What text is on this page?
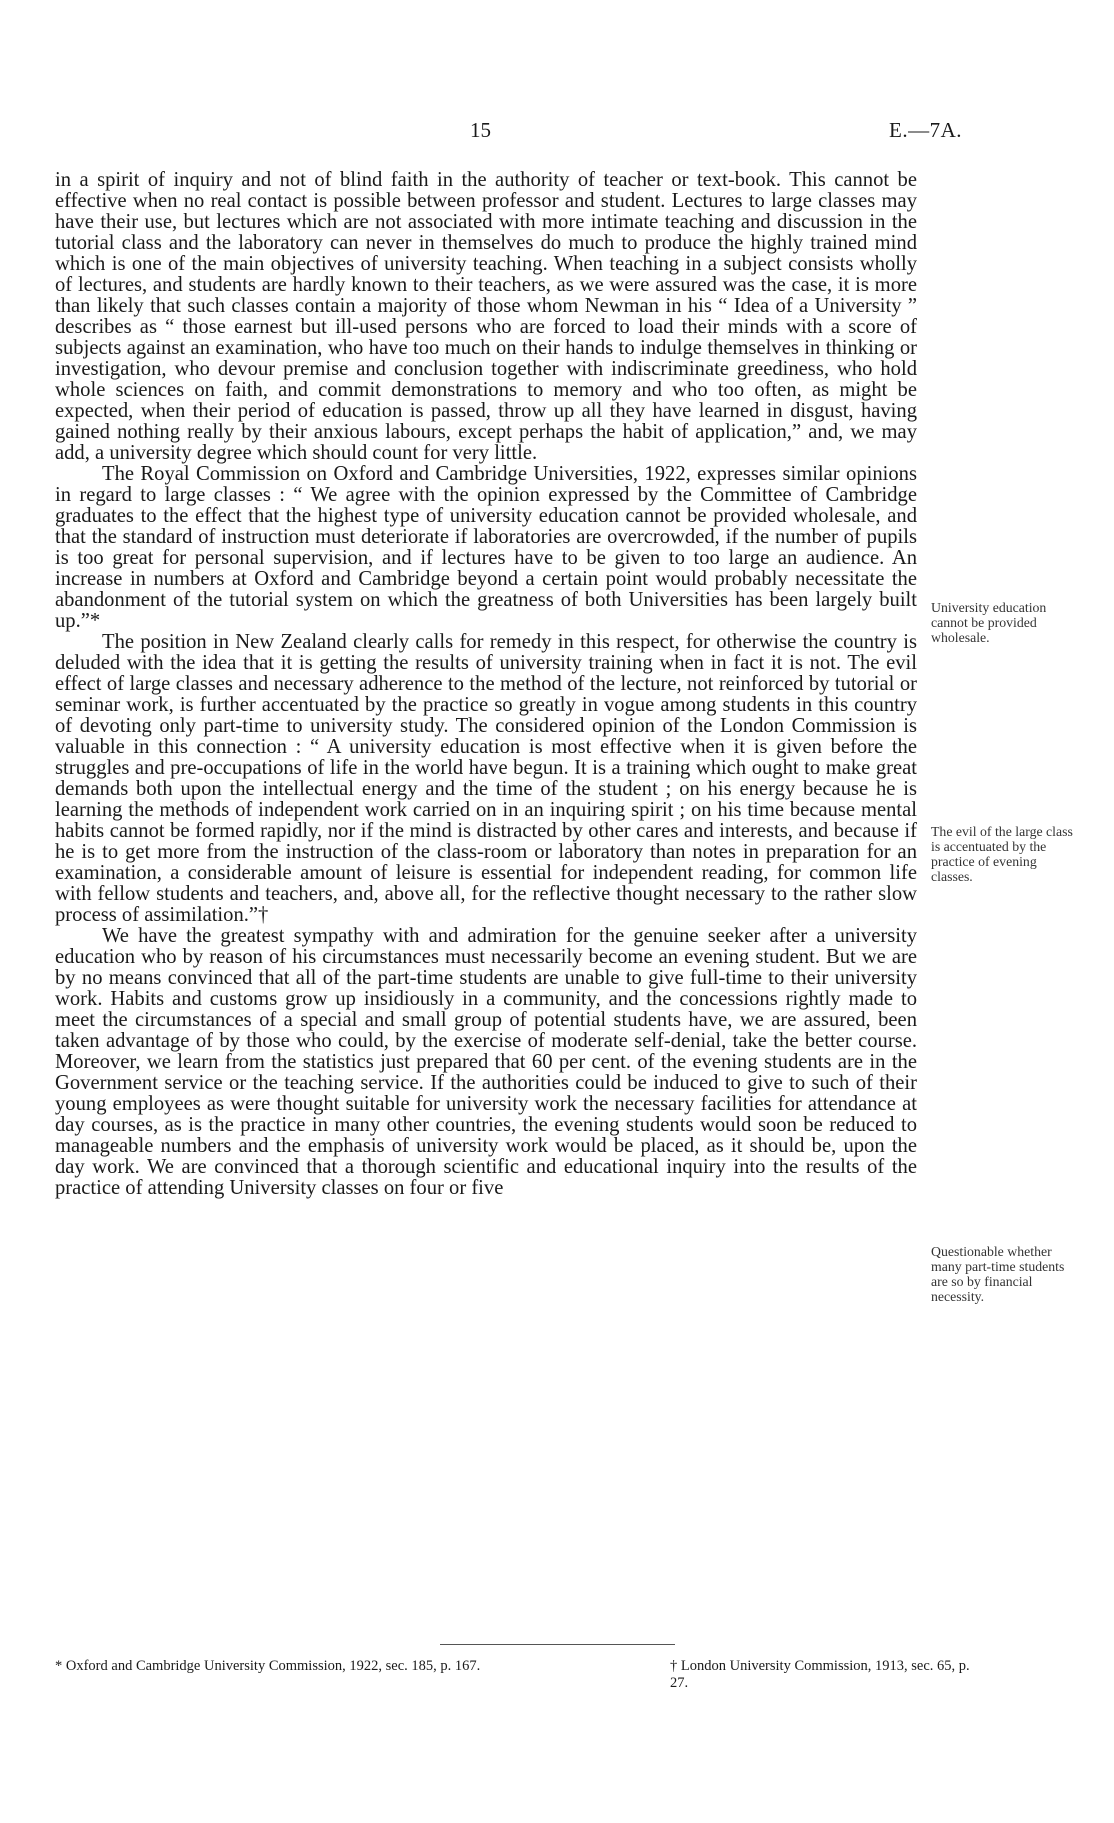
15	E.—7A.

in a spirit of inquiry and not of blind faith in the authority of teacher or text-book. This cannot be effective when no real contact is possible between professor and student. Lectures to large classes may have their use, but lectures which are not associated with more intimate teaching and discussion in the tutorial class and the laboratory can never in themselves do much to produce the highly trained mind which is one of the main objectives of university teaching. When teaching in a subject consists wholly of lectures, and students are hardly known to their teachers, as we were assured was the case, it is more than likely that such classes contain a majority of those whom Newman in his “ Idea of a University ” describes as “ those earnest but ill-used persons who are forced to load their minds with a score of subjects against an examination, who have too much on their hands to indulge themselves in thinking or investigation, who devour premise and conclusion together with indiscriminate greediness, who hold whole sciences on faith, and commit demonstrations to memory and who too often, as might be expected, when their period of education is passed, throw up all they have learned in disgust, having gained nothing really by their anxious labours, except perhaps the habit of application,” and, we may add, a university degree which should count for very little.

The Royal Commission on Oxford and Cambridge Universities, 1922, expresses similar opinions in regard to large classes : “ We agree with the opinion expressed by the Committee of Cambridge graduates to the effect that the highest type of university education cannot be provided wholesale, and that the standard of instruction must deteriorate if laboratories are overcrowded, if the number of pupils is too great for personal supervision, and if lectures have to be given to too large an audience. An increase in numbers at Oxford and Cambridge beyond a certain point would probably necessitate the abandonment of the tutorial system on which the greatness of both Universities has been largely built up.”*

The position in New Zealand clearly calls for remedy in this respect, for otherwise the country is deluded with the idea that it is getting the results of university training when in fact it is not. The evil effect of large classes and necessary adherence to the method of the lecture, not reinforced by tutorial or seminar work, is further accentuated by the practice so greatly in vogue among students in this country of devoting only part-time to university study. The considered opinion of the London Commission is valuable in this connection : “ A university education is most effective when it is given before the struggles and pre-occupations of life in the world have begun. It is a training which ought to make great demands both upon the intellectual energy and the time of the student ; on his energy because he is learning the methods of independent work carried on in an inquiring spirit ; on his time because mental habits cannot be formed rapidly, nor if the mind is distracted by other cares and interests, and because if he is to get more from the instruction of the class-room or laboratory than notes in preparation for an examination, a considerable amount of leisure is essential for independent reading, for common life with fellow students and teachers, and, above all, for the reflective thought necessary to the rather slow process of assimilation.”†

We have the greatest sympathy with and admiration for the genuine seeker after a university education who by reason of his circumstances must necessarily become an evening student. But we are by no means convinced that all of the part-time students are unable to give full-time to their university work. Habits and customs grow up insidiously in a community, and the concessions rightly made to meet the circumstances of a special and small group of potential students have, we are assured, been taken advantage of by those who could, by the exercise of moderate self-denial, take the better course. Moreover, we learn from the statistics just prepared that 60 per cent. of the evening students are in the Government service or the teaching service. If the authorities could be induced to give to such of their young employees as were thought suitable for university work the necessary facilities for attendance at day courses, as is the practice in many other countries, the evening students would soon be reduced to manageable numbers and the emphasis of university work would be placed, as it should be, upon the day work. We are convinced that a thorough scientific and educational inquiry into the results of the practice of attending University classes on four or five

University education cannot be provided wholesale.
The evil of the large class is accentuated by the practice of evening classes.
Questionable whether many part-time students are so by financial necessity.
* Oxford and Cambridge University Commission, 1922, sec. 185, p. 167.	† London University Commission, 1913, sec. 65, p. 27.
